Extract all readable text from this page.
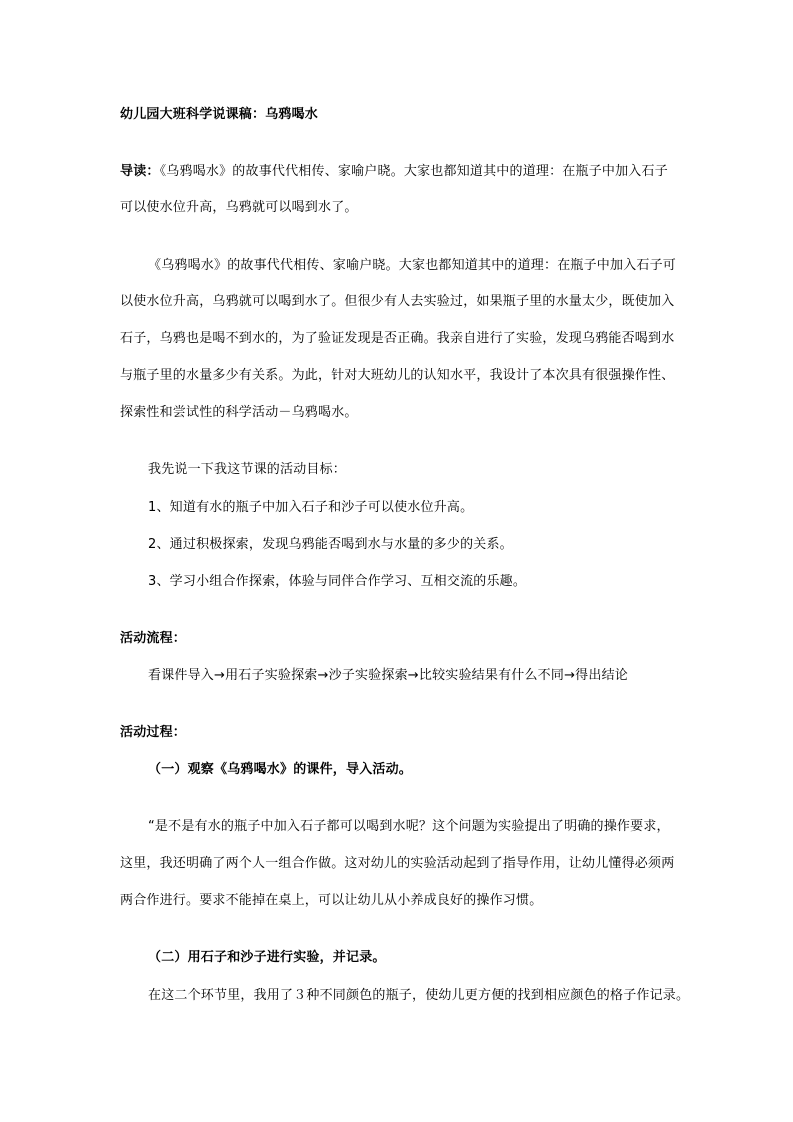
幼儿园大班科学说课稿：乌鸦喝水
导读：《乌鸦喝水》的故事代代相传、家喻户晓。大家也都知道其中的道理：在瓶子中加入石子
可以使水位升高，乌鸦就可以喝到水了。
《乌鸦喝水》的故事代代相传、家喻户晓。大家也都知道其中的道理：在瓶子中加入石子可
以使水位升高，乌鸦就可以喝到水了。但很少有人去实验过，如果瓶子里的水量太少，既使加入
石子，乌鸦也是喝不到水的，为了验证发现是否正确。我亲自进行了实验，发现乌鸦能否喝到水
与瓶子里的水量多少有关系。为此，针对大班幼儿的认知水平，我设计了本次具有很强操作性、
探索性和尝试性的科学活动－乌鸦喝水。
我先说一下我这节课的活动目标：
1、知道有水的瓶子中加入石子和沙子可以使水位升高。
2、通过积极探索，发现乌鸦能否喝到水与水量的多少的关系。
3、学习小组合作探索，体验与同伴合作学习、互相交流的乐趣。
活动流程：
看课件导入→用石子实验探索→沙子实验探索→比较实验结果有什么不同→得出结论
活动过程：
（一）观察《乌鸦喝水》的课件，导入活动。
“是不是有水的瓶子中加入石子都可以喝到水呢？这个问题为实验提出了明确的操作要求，
这里，我还明确了两个人一组合作做。这对幼儿的实验活动起到了指导作用，让幼儿懂得必须两
两合作进行。要求不能掉在桌上，可以让幼儿从小养成良好的操作习惯。
（二）用石子和沙子进行实验，并记录。
在这二个环节里，我用了３种不同颜色的瓶子，使幼儿更方便的找到相应颜色的格子作记录。
